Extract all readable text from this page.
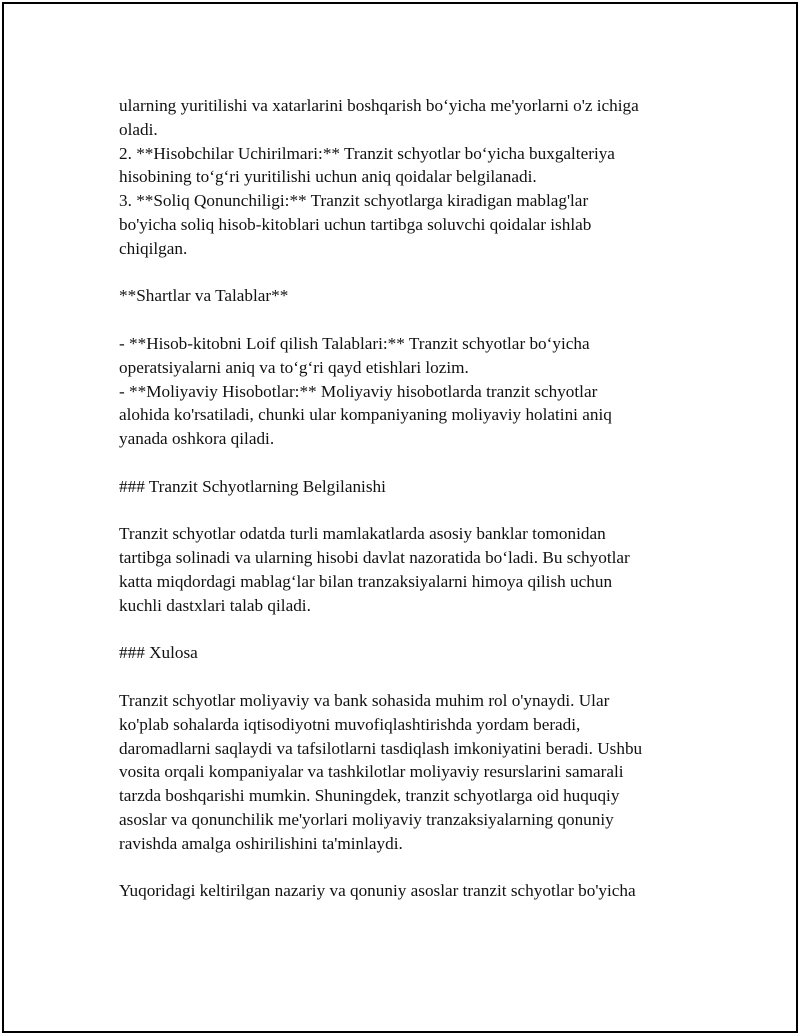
ularning yuritilishi va xatarlarini boshqarish bo‘yicha me'yorlarni o'z ichiga
oladi.
2. **Hisobchilar Uchirilmari:** Tranzit schyotlar bo‘yicha buxgalteriya
hisobining to‘g‘ri yuritilishi uchun aniq qoidalar belgilanadi.
3. **Soliq Qonunchiligi:** Tranzit schyotlarga kiradigan mablag'lar
bo'yicha soliq hisob-kitoblari uchun tartibga soluvchi qoidalar ishlab
chiqilgan.
**Shartlar va Talablar**
- **Hisob-kitobni Loif qilish Talablari:** Tranzit schyotlar bo‘yicha
operatsiyalarni aniq va to‘g‘ri qayd etishlari lozim.
- **Moliyaviy Hisobotlar:** Moliyaviy hisobotlarda tranzit schyotlar
alohida ko'rsatiladi, chunki ular kompaniyaning moliyaviy holatini aniq
yanada oshkora qiladi.
### Tranzit Schyotlarning Belgilanishi
Tranzit schyotlar odatda turli mamlakatlarda asosiy banklar tomonidan
tartibga solinadi va ularning hisobi davlat nazoratida bo‘ladi. Bu schyotlar
katta miqdordagi mablag‘lar bilan tranzaksiyalarni himoya qilish uchun
kuchli dastxlari talab qiladi.
### Xulosa
Tranzit schyotlar moliyaviy va bank sohasida muhim rol o'ynaydi. Ular
ko'plab sohalarda iqtisodiyotni muvofiqlashtirishda yordam beradi,
daromadlarni saqlaydi va tafsilotlarni tasdiqlash imkoniyatini beradi. Ushbu
vosita orqali kompaniyalar va tashkilotlar moliyaviy resurslarini samarali
tarzda boshqarishi mumkin. Shuningdek, tranzit schyotlarga oid huquqiy
asoslar va qonunchilik me'yorlari moliyaviy tranzaksiyalarning qonuniy
ravishda amalga oshirilishini ta'minlaydi.
Yuqoridagi keltirilgan nazariy va qonuniy asoslar tranzit schyotlar bo'yicha
